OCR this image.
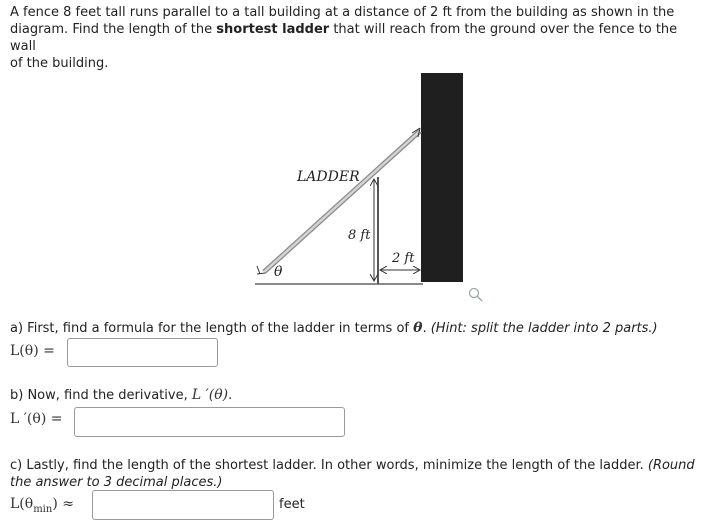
A fence 8 feet tall runs parallel to a tall building at a distance of 2 ft from the building as shown in the
diagram. Find the length of the shortest ladder that will reach from the ground over the fence to the wall
of the building.
LADDER
8 ft
2 ft
θ
a) First, find a formula for the length of the ladder in terms of θ. (Hint: split the ladder into 2 parts.)
L(θ) =
b) Now, find the derivative, L ′(θ).
L ′(θ) =
c) Lastly, find the length of the shortest ladder. In other words, minimize the length of the ladder. (Round
the answer to 3 decimal places.)
$L(\theta_{min})$ ≈	feet
